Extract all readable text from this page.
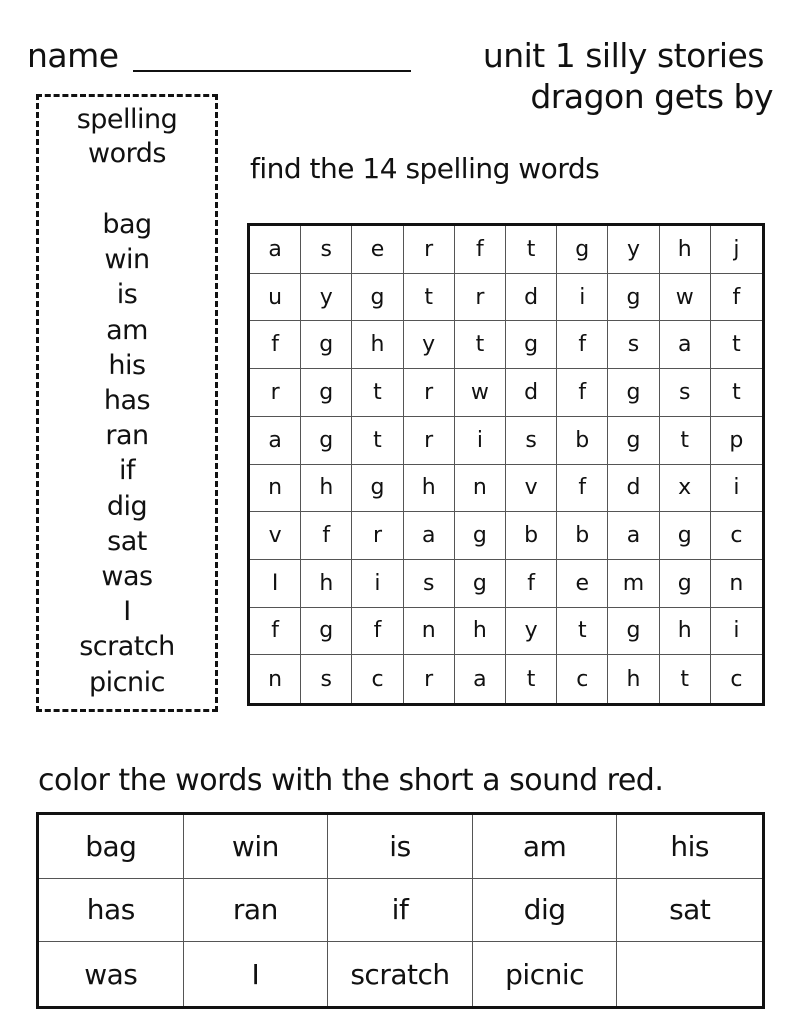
name	unit 1 silly stories
dragon gets by
spelling words
bag
win
is
am
his
has
ran
if
dig
sat
was
I
scratch
picnic
find the 14 spelling words
a	s	e	r	f	t	g	y	h	j
u	y	g	t	r	d	i	g	w	f
f	g	h	y	t	g	f	s	a	t
r	g	t	r	w	d	f	g	s	t
a	g	t	r	i	s	b	g	t	p
n	h	g	h	n	v	f	d	x	i
v	f	r	a	g	b	b	a	g	c
I	h	i	s	g	f	e	m	g	n
f	g	f	n	h	y	t	g	h	i
n	s	c	r	a	t	c	h	t	c
color the words with the short a sound red.
bag	win	is	am	his
has	ran	if	dig	sat
was	I	scratch	picnic
